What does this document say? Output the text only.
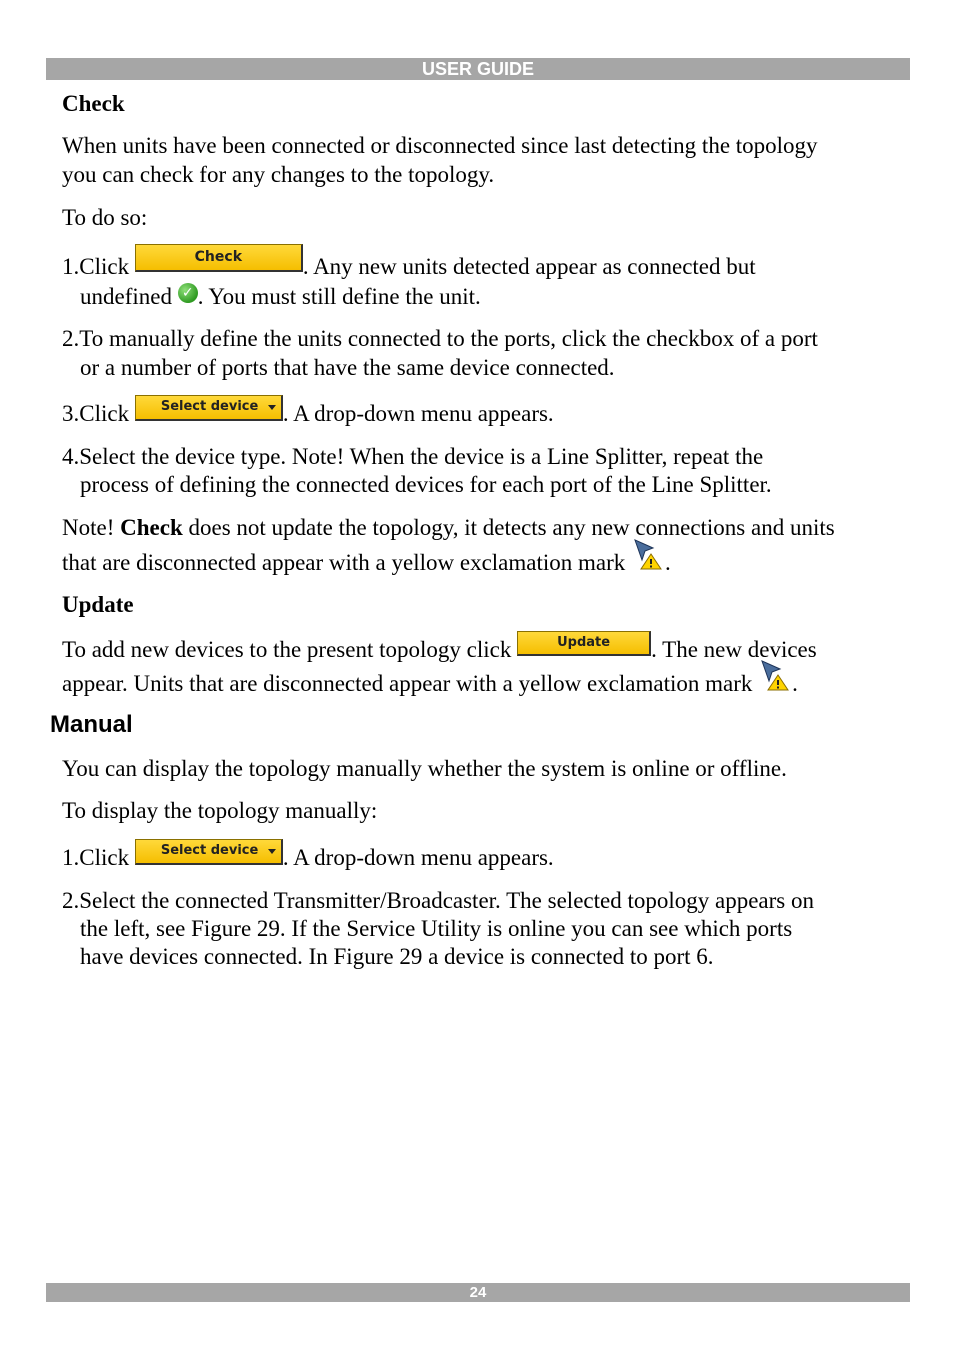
USER GUIDE
Check
When units have been connected or disconnected since last detecting the topology
you can check for any changes to the topology.
To do so:
1.Click	Check	. Any new units detected appear as connected but
undefined ✓ . You must still define the unit.
2.To manually define the units connected to the ports, click the checkbox of a port
or a number of ports that have the same device connected.
3.Click Select device . A drop-down menu appears.
4.Select the device type. Note! When the device is a Line Splitter, repeat the
process of defining the connected devices for each port of the Line Splitter.
Note! Check does not update the topology, it detects any new connections and units
that are disconnected appear with a yellow exclamation mark .
Update
To add new devices to the present topology click	Update . The new devices
appear. Units that are disconnected appear with a yellow exclamation mark .
Manual
You can display the topology manually whether the system is online or offline.
To display the topology manually:
1.Click Select device . A drop-down menu appears.
2.Select the connected Transmitter/Broadcaster. The selected topology appears on
the left, see Figure 29. If the Service Utility is online you can see which ports
have devices connected. In Figure 29 a device is connected to port 6.
24
